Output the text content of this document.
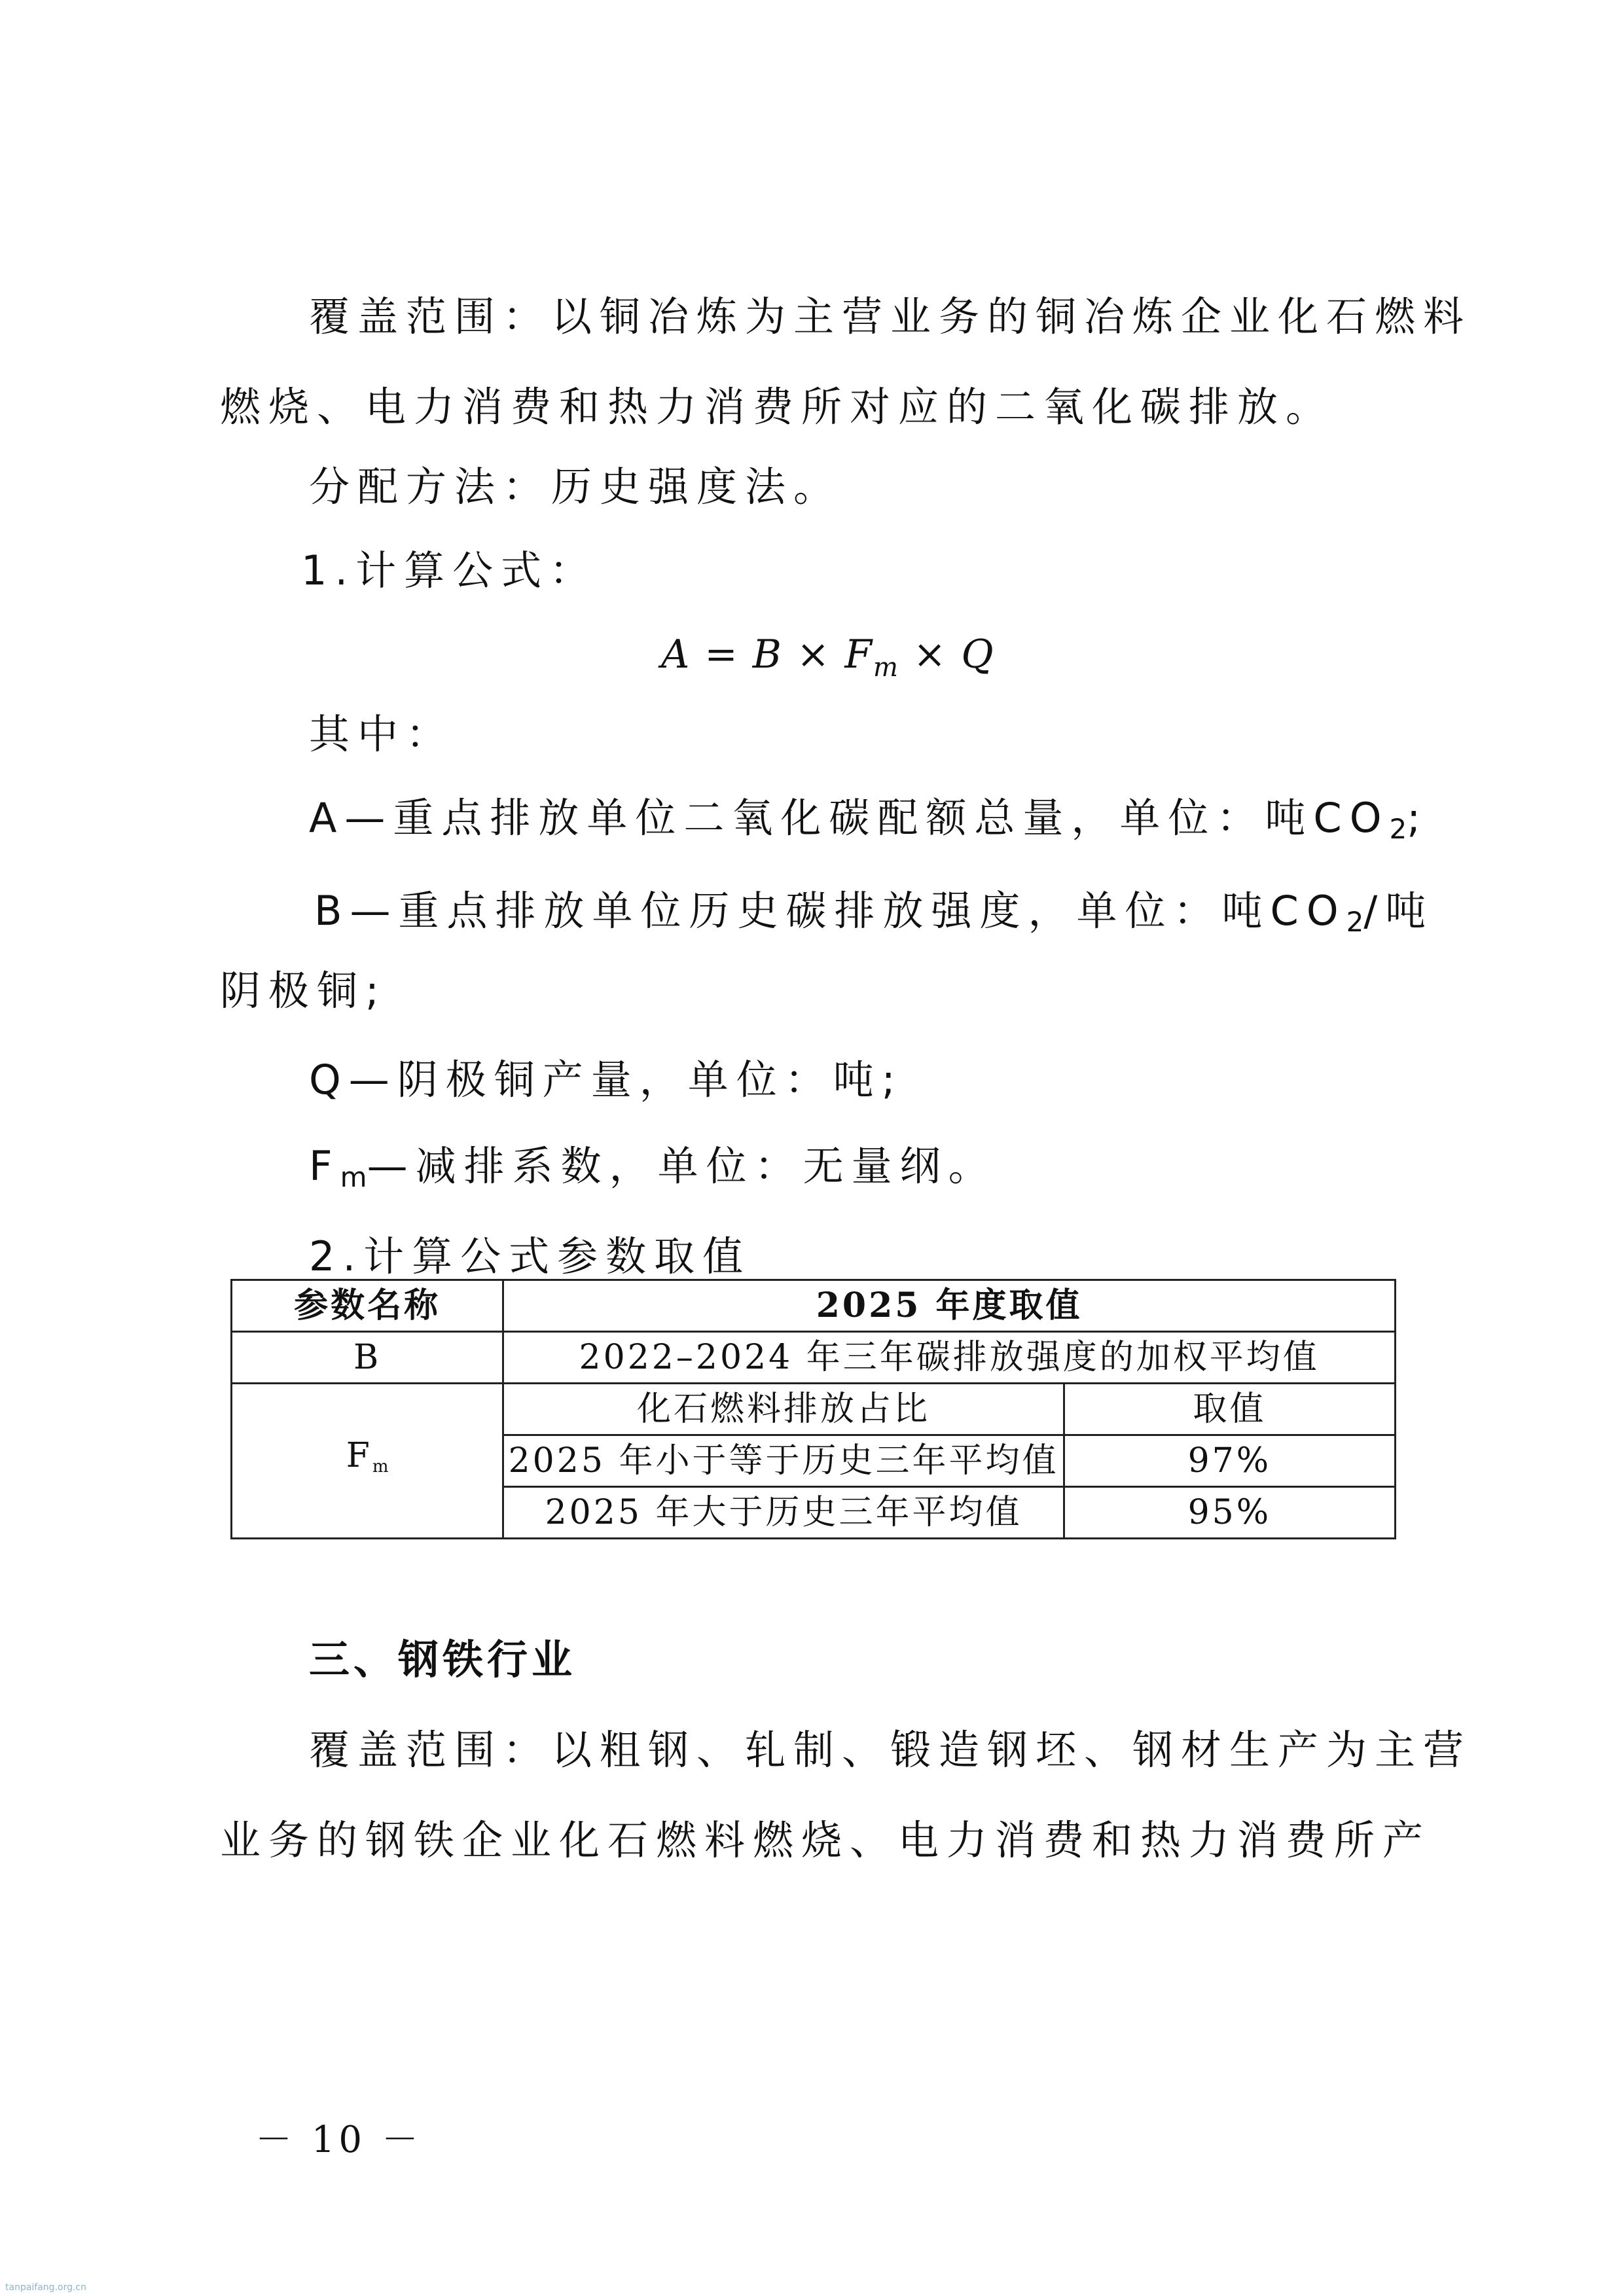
覆盖范围：以铜冶炼为主营业务的铜冶炼企业化石燃料
燃烧、电力消费和热力消费所对应的二氧化碳排放。
分配方法：历史强度法。
1.计算公式：
$A = B \times F_m \times Q$
其中：
A—重点排放单位二氧化碳配额总量，单位：吨$CO_2$;
B—重点排放单位历史碳排放强度，单位：吨$CO_2/$吨
阴极铜;
Q—阴极铜产量，单位：吨;
$F_m—$减排系数，单位：无量纲。
2.计算公式参数取值
参数名称	2025 年度取值	
B	2022–2024 年三年碳排放强度的加权平均值	
Fm	化石燃料排放占比	取值
	2025 年小于等于历史三年平均值	97%
	2025 年大于历史三年平均值	95%
三、钢铁行业
覆盖范围：以粗钢、轧制、锻造钢坯、钢材生产为主营
业务的钢铁企业化石燃料燃烧、电力消费和热力消费所产
－ 10 －
tanpaifang.org.cn
